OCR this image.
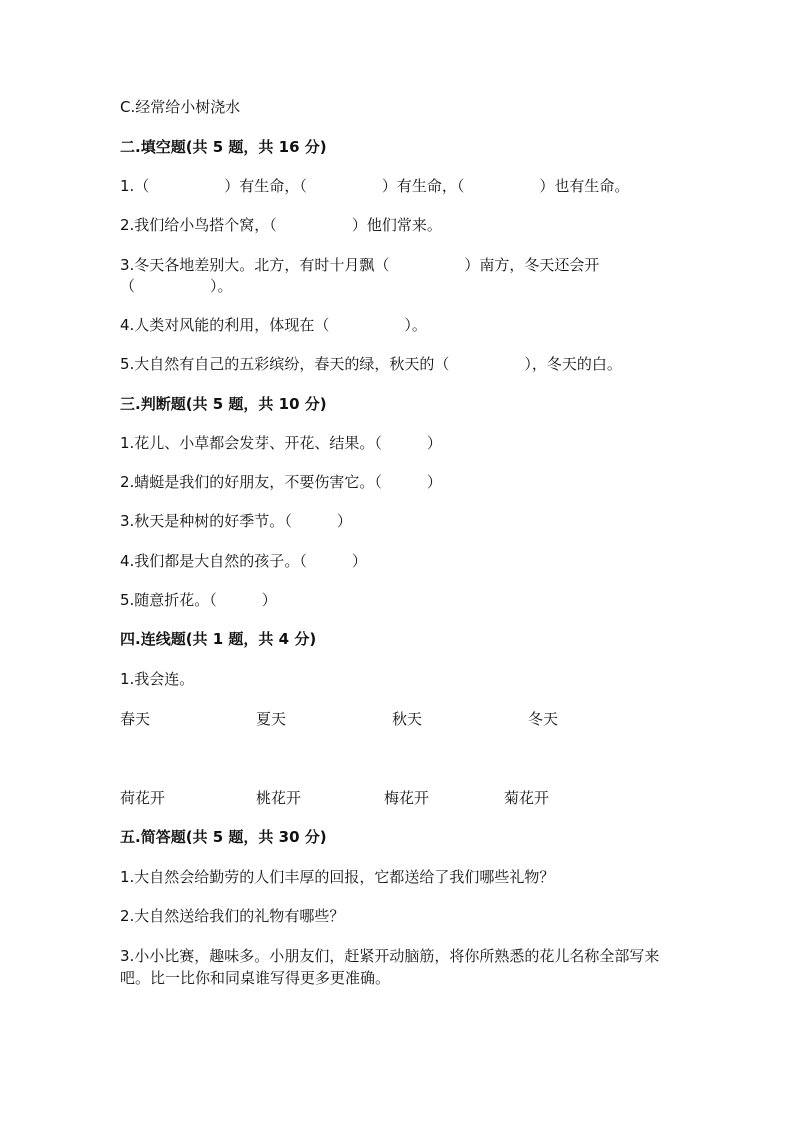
C.经常给小树浇水
二.填空题(共 5 题，共 16 分)
1.（　　　　　）有生命，（　　　　　）有生命，（　　　　　）也有生命。
2.我们给小鸟搭个窝，（　　　　　）他们常来。
3.冬天各地差别大。北方，有时十月飘（　　　　　）南方，冬天还会开
（　　　　　）。
4.人类对风能的利用，体现在（　　　　　）。
5.大自然有自己的五彩缤纷，春天的绿，秋天的（　　　　　），冬天的白。
三.判断题(共 5 题，共 10 分)
1.花儿、小草都会发芽、开花、结果。（　　　）
2.蜻蜓是我们的好朋友，不要伤害它。（　　　）
3.秋天是种树的好季节。（　　　）
4.我们都是大自然的孩子。（　　　）
5.随意折花。（　　　）
四.连线题(共 1 题，共 4 分)
1.我会连。
春天	夏天	秋天	冬天
荷花开	桃花开	梅花开	菊花开
五.简答题(共 5 题，共 30 分)
1.大自然会给勤劳的人们丰厚的回报，它都送给了我们哪些礼物？
2.大自然送给我们的礼物有哪些？
3.小小比赛，趣味多。小朋友们，赶紧开动脑筋，将你所熟悉的花儿名称全部写来吧。比一比你和同桌谁写得更多更准确。
